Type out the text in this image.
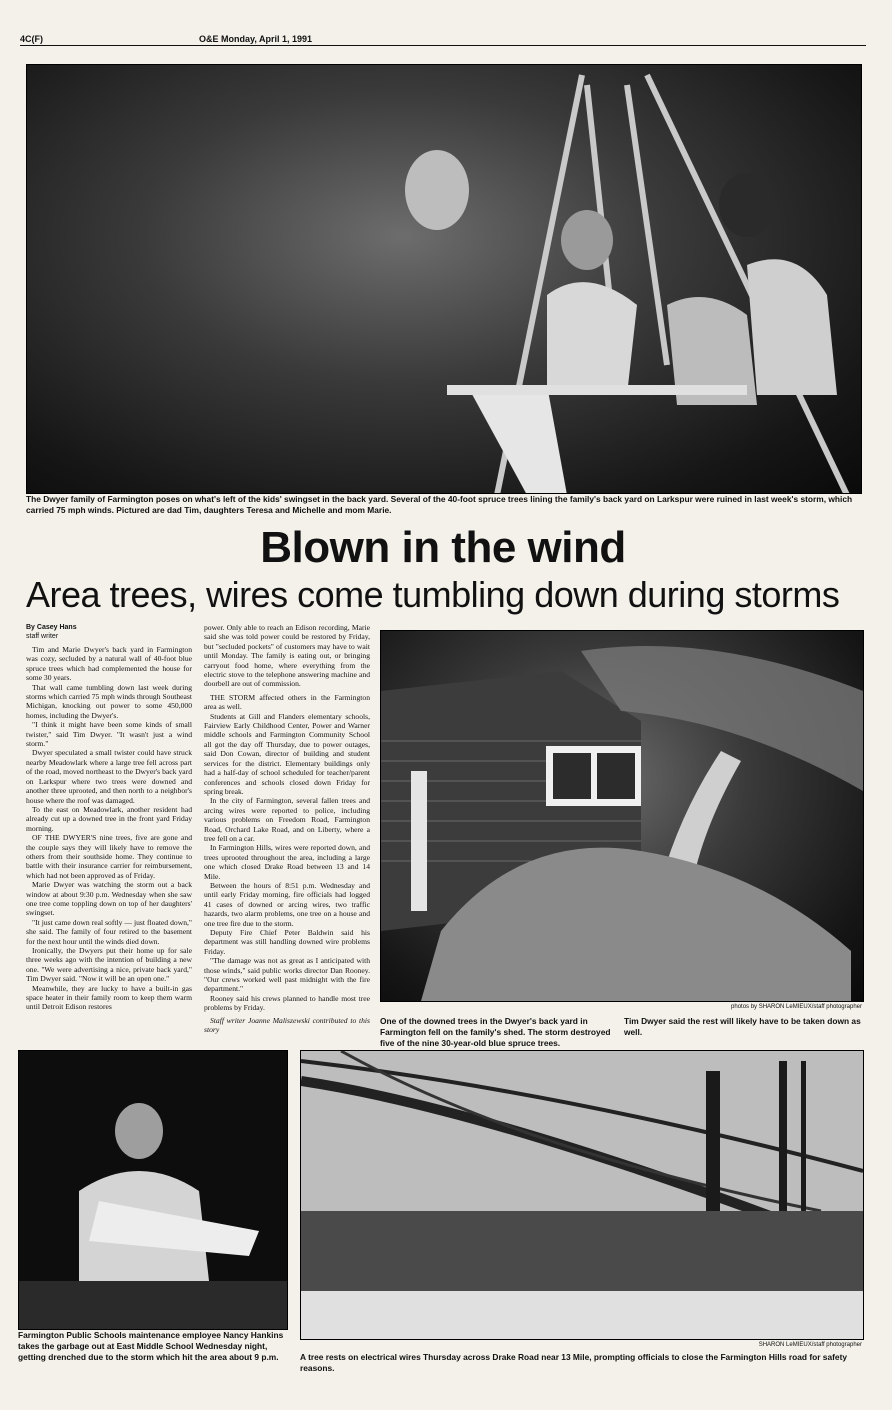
4C(F)	O&E Monday, April 1, 1991
The Dwyer family of Farmington poses on what's left of the kids' swingset in the back yard. Several of the 40-foot spruce trees lining the family's back yard on Larkspur were ruined in last week's storm, which carried 75 mph winds. Pictured are dad Tim, daughters Teresa and Michelle and mom Marie.
Blown in the wind
Area trees, wires come tumbling down during storms
By Casey Hans
staff writer

Tim and Marie Dwyer's back yard in Farmington was cozy, secluded by a natural wall of 40-foot blue spruce trees which had complemented the house for some 30 years.

That wall came tumbling down last week during storms which carried 75 mph winds through Southeast Michigan, knocking out power to some 450,000 homes, including the Dwyer's.

"I think it might have been some kinds of small twister," said Tim Dwyer. "It wasn't just a wind storm."

Dwyer speculated a small twister could have struck nearby Meadowlark where a large tree fell across part of the road, moved northeast to the Dwyer's back yard on Larkspur where two trees were downed and another three uprooted, and then north to a neighbor's house where the roof was damaged.

To the east on Meadowlark, another resident had already cut up a downed tree in the front yard Friday morning.

OF THE DWYER'S nine trees, five are gone and the couple says they will likely have to remove the others from their southside home. They continue to battle with their insurance carrier for reimbursement, which had not been approved as of Friday.

Marie Dwyer was watching the storm out a back window at about 9:30 p.m. Wednesday when she saw one tree come toppling down on top of her daughters' swingset.

"It just came down real softly — just floated down," she said. The family of four retired to the basement for the next hour until the winds died down.

Ironically, the Dwyers put their home up for sale three weeks ago with the intention of building a new one. "We were advertising a nice, private back yard," Tim Dwyer said. "Now it will be an open one."

Meanwhile, they are lucky to have a built-in gas space heater in their family room to keep them warm until Detroit Edison restores

power. Only able to reach an Edison recording, Marie said she was told power could be restored by Friday, but "secluded pockets" of customers may have to wait until Monday. The family is eating out, or bringing carryout food home, where everything from the electric stove to the telephone answering machine and doorbell are out of commission.

THE STORM affected others in the Farmington area as well.

Students at Gill and Flanders elementary schools, Fairview Early Childhood Center, Power and Warner middle schools and Farmington Community School all got the day off Thursday, due to power outages, said Don Cowan, director of building and student services for the district. Elementary buildings only had a half-day of school scheduled for teacher/parent conferences and schools closed down Friday for spring break.

In the city of Farmington, several fallen trees and arcing wires were reported to police, including various problems on Freedom Road, Farmington Road, Orchard Lake Road, and on Liberty, where a tree fell on a car.

In Farmington Hills, wires were reported down, and trees uprooted throughout the area, including a large one which closed Drake Road between 13 and 14 Mile.

Between the hours of 8:51 p.m. Wednesday and until early Friday morning, fire officials had logged 41 cases of downed or arcing wires, two traffic hazards, two alarm problems, one tree on a house and one tree fire due to the storm.

Deputy Fire Chief Peter Baldwin said his department was still handling downed wire problems Friday.

"The damage was not as great as I anticipated with those winds," said public works director Dan Rooney. "Our crews worked well past midnight with the fire department."

Rooney said his crews planned to handle most tree problems by Friday.

Staff writer Joanne Maliszewski contributed to this story
photos by SHARON LeMIEUX/staff photographer
One of the downed trees in the Dwyer's back yard in Farmington fell on the family's shed. The storm destroyed five of the nine 30-year-old blue spruce trees.
Tim Dwyer said the rest will likely have to be taken down as well.
Farmington Public Schools maintenance employee Nancy Hankins takes the garbage out at East Middle School Wednesday night, getting drenched due to the storm which hit the area about 9 p.m.
SHARON LeMIEUX/staff photographer
A tree rests on electrical wires Thursday across Drake Road near 13 Mile, prompting officials to close the Farmington Hills road for safety reasons.
